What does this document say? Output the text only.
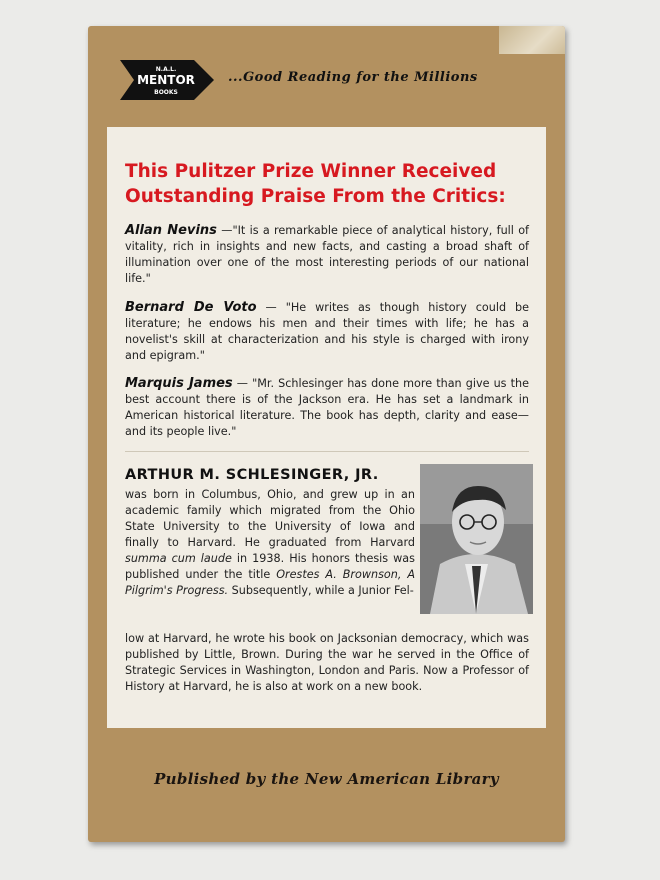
N.A.L.
MENTOR
BOOKS
...Good Reading for the Millions
This Pulitzer Prize Winner Received Outstanding Praise From the Critics:
Allan Nevins —"It is a remarkable piece of analytical history, full of vitality, rich in insights and new facts, and casting a broad shaft of illumination over one of the most interesting periods of our national life."
Bernard De Voto — "He writes as though history could be literature; he endows his men and their times with life; he has a novelist's skill at characterization and his style is charged with irony and epigram."
Marquis James — "Mr. Schlesinger has done more than give us the best account there is of the Jackson era. He has set a landmark in American historical literature. The book has depth, clarity and ease—and its people live."
ARTHUR M. SCHLESINGER, JR.
was born in Columbus, Ohio, and grew up in an academic family which migrated from the Ohio State University to the University of Iowa and finally to Harvard. He graduated from Harvard summa cum laude in 1938. His honors thesis was published under the title Orestes A. Brownson, A Pilgrim's Progress. Subsequently, while a Junior Fel-
low at Harvard, he wrote his book on Jacksonian democracy, which was published by Little, Brown. During the war he served in the Office of Strategic Services in Washington, London and Paris. Now a Professor of History at Harvard, he is also at work on a new book.
Published by the New American Library
